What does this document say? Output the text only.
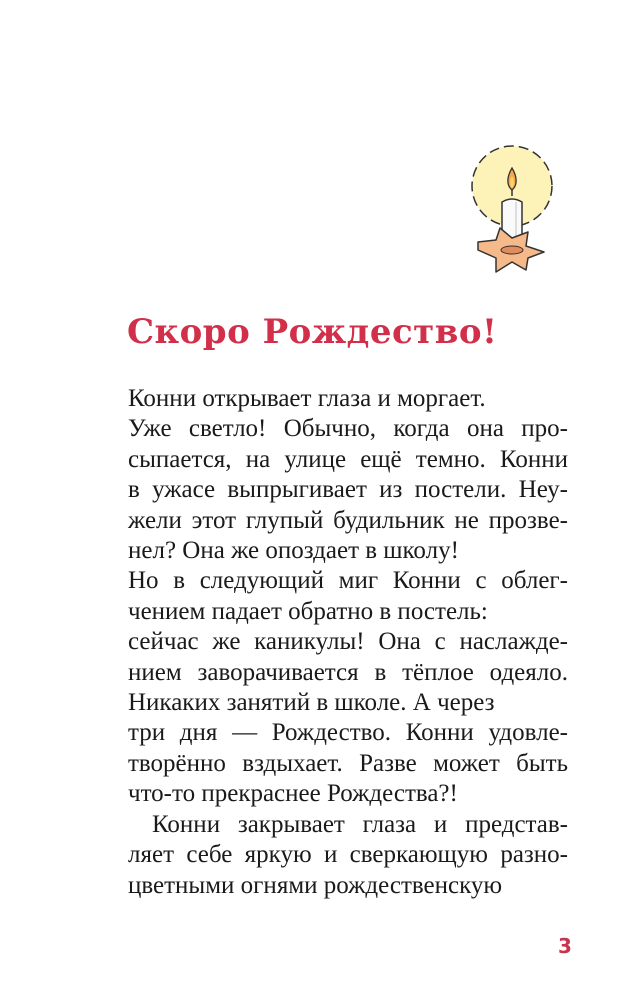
Скоро Рождество!
Конни открывает глаза и моргает.
Уже светло! Обычно, когда она про-
сыпается, на улице ещё темно. Конни
в ужасе выпрыгивает из постели. Неу-
жели этот глупый будильник не прозве-
нел? Она же опоздает в школу!
Но в следующий миг Конни с облег-
чением падает обратно в постель:
сейчас же каникулы! Она с наслажде-
нием заворачивается в тёплое одеяло.
Никаких занятий в школе. А через
три дня — Рождество. Конни удовле-
творённо вздыхает. Разве может быть
что-то прекраснее Рождества?!
Конни закрывает глаза и представ-
ляет себе яркую и сверкающую разно-
цветными огнями рождественскую
3
